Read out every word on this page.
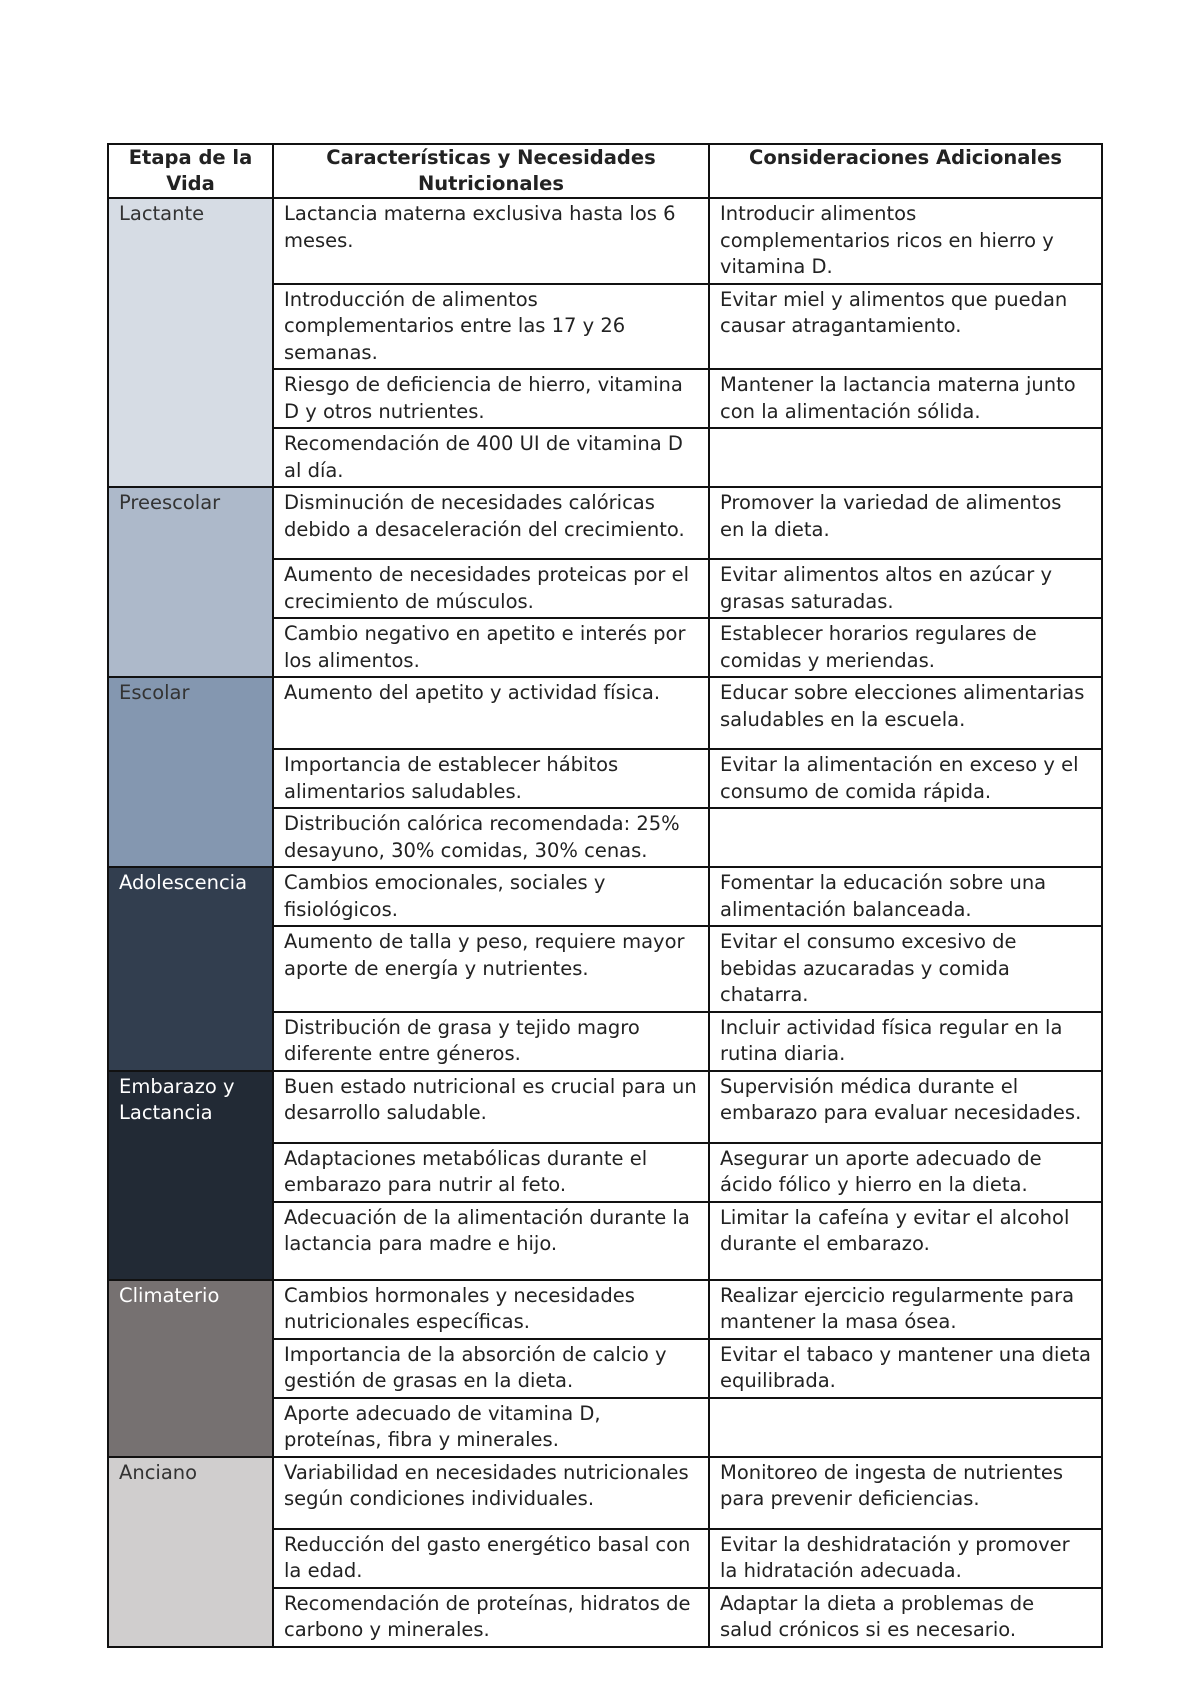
Etapa de la Vida	Características y Necesidades Nutricionales	Consideraciones Adicionales
Lactante	Lactancia materna exclusiva hasta los 6 meses.	Introducir alimentos complementarios ricos en hierro y vitamina D.
	Introducción de alimentos complementarios entre las 17 y 26 semanas.	Evitar miel y alimentos que puedan causar atragantamiento.
	Riesgo de deficiencia de hierro, vitamina D y otros nutrientes.	Mantener la lactancia materna junto con la alimentación sólida.
	Recomendación de 400 UI de vitamina D al día.	
Preescolar	Disminución de necesidades calóricas debido a desaceleración del crecimiento.	Promover la variedad de alimentos en la dieta.
	Aumento de necesidades proteicas por el crecimiento de músculos.	Evitar alimentos altos en azúcar y grasas saturadas.
	Cambio negativo en apetito e interés por los alimentos.	Establecer horarios regulares de comidas y meriendas.
Escolar	Aumento del apetito y actividad física.	Educar sobre elecciones alimentarias saludables en la escuela.
	Importancia de establecer hábitos alimentarios saludables.	Evitar la alimentación en exceso y el consumo de comida rápida.
	Distribución calórica recomendada: 25% desayuno, 30% comidas, 30% cenas.	
Adolescencia	Cambios emocionales, sociales y fisiológicos.	Fomentar la educación sobre una alimentación balanceada.
	Aumento de talla y peso, requiere mayor aporte de energía y nutrientes.	Evitar el consumo excesivo de bebidas azucaradas y comida chatarra.
	Distribución de grasa y tejido magro diferente entre géneros.	Incluir actividad física regular en la rutina diaria.
Embarazo y Lactancia	Buen estado nutricional es crucial para un desarrollo saludable.	Supervisión médica durante el embarazo para evaluar necesidades.
	Adaptaciones metabólicas durante el embarazo para nutrir al feto.	Asegurar un aporte adecuado de ácido fólico y hierro en la dieta.
	Adecuación de la alimentación durante la lactancia para madre e hijo.	Limitar la cafeína y evitar el alcohol durante el embarazo.
Climaterio	Cambios hormonales y necesidades nutricionales específicas.	Realizar ejercicio regularmente para mantener la masa ósea.
	Importancia de la absorción de calcio y gestión de grasas en la dieta.	Evitar el tabaco y mantener una dieta equilibrada.
	Aporte adecuado de vitamina D, proteínas, fibra y minerales.	
Anciano	Variabilidad en necesidades nutricionales según condiciones individuales.	Monitoreo de ingesta de nutrientes para prevenir deficiencias.
	Reducción del gasto energético basal con la edad.	Evitar la deshidratación y promover la hidratación adecuada.
	Recomendación de proteínas, hidratos de carbono y minerales.	Adaptar la dieta a problemas de salud crónicos si es necesario.
